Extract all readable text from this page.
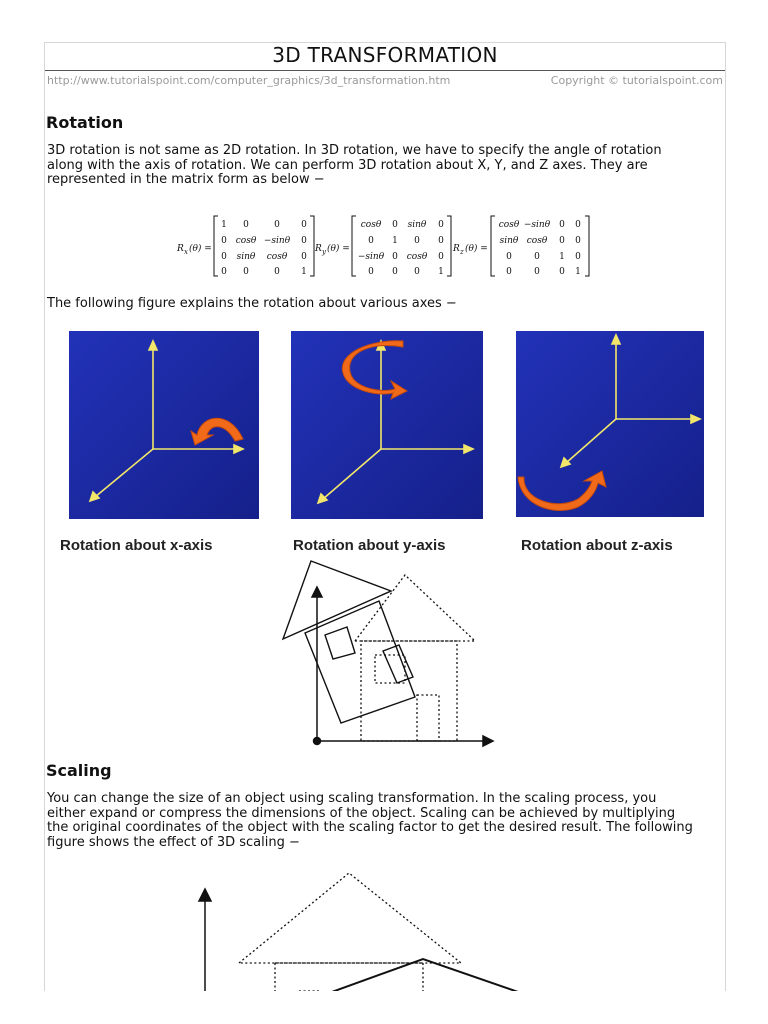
3D TRANSFORMATION
http://www.tutorialspoint.com/computer_graphics/3d_transformation.htm	Copyright © tutorialspoint.com
Rotation

3D rotation is not same as 2D rotation. In 3D rotation, we have to specify the angle of rotation
along with the axis of rotation. We can perform 3D rotation about X, Y, and Z axes. They are
represented in the matrix form as below −

R x (θ) =
1 0	0 0
0 cosθ −sinθ 0
0 sinθ cosθ 0
0 0	0 1
R y (θ) =
cosθ 0 sinθ 0
0 1 0 0
−sinθ 0 cosθ 0
0 0 0 1
R z (θ) =
cosθ −sinθ 0 0
sinθ cosθ 0 0
0 0 1 0
0 0 0 1

The following figure explains the rotation about various axes −

Rotation about x-axis	Rotation about y-axis	Rotation about z-axis
Scaling

You can change the size of an object using scaling transformation. In the scaling process, you
either expand or compress the dimensions of the object. Scaling can be achieved by multiplying
the original coordinates of the object with the scaling factor to get the desired result. The following
figure shows the effect of 3D scaling −
